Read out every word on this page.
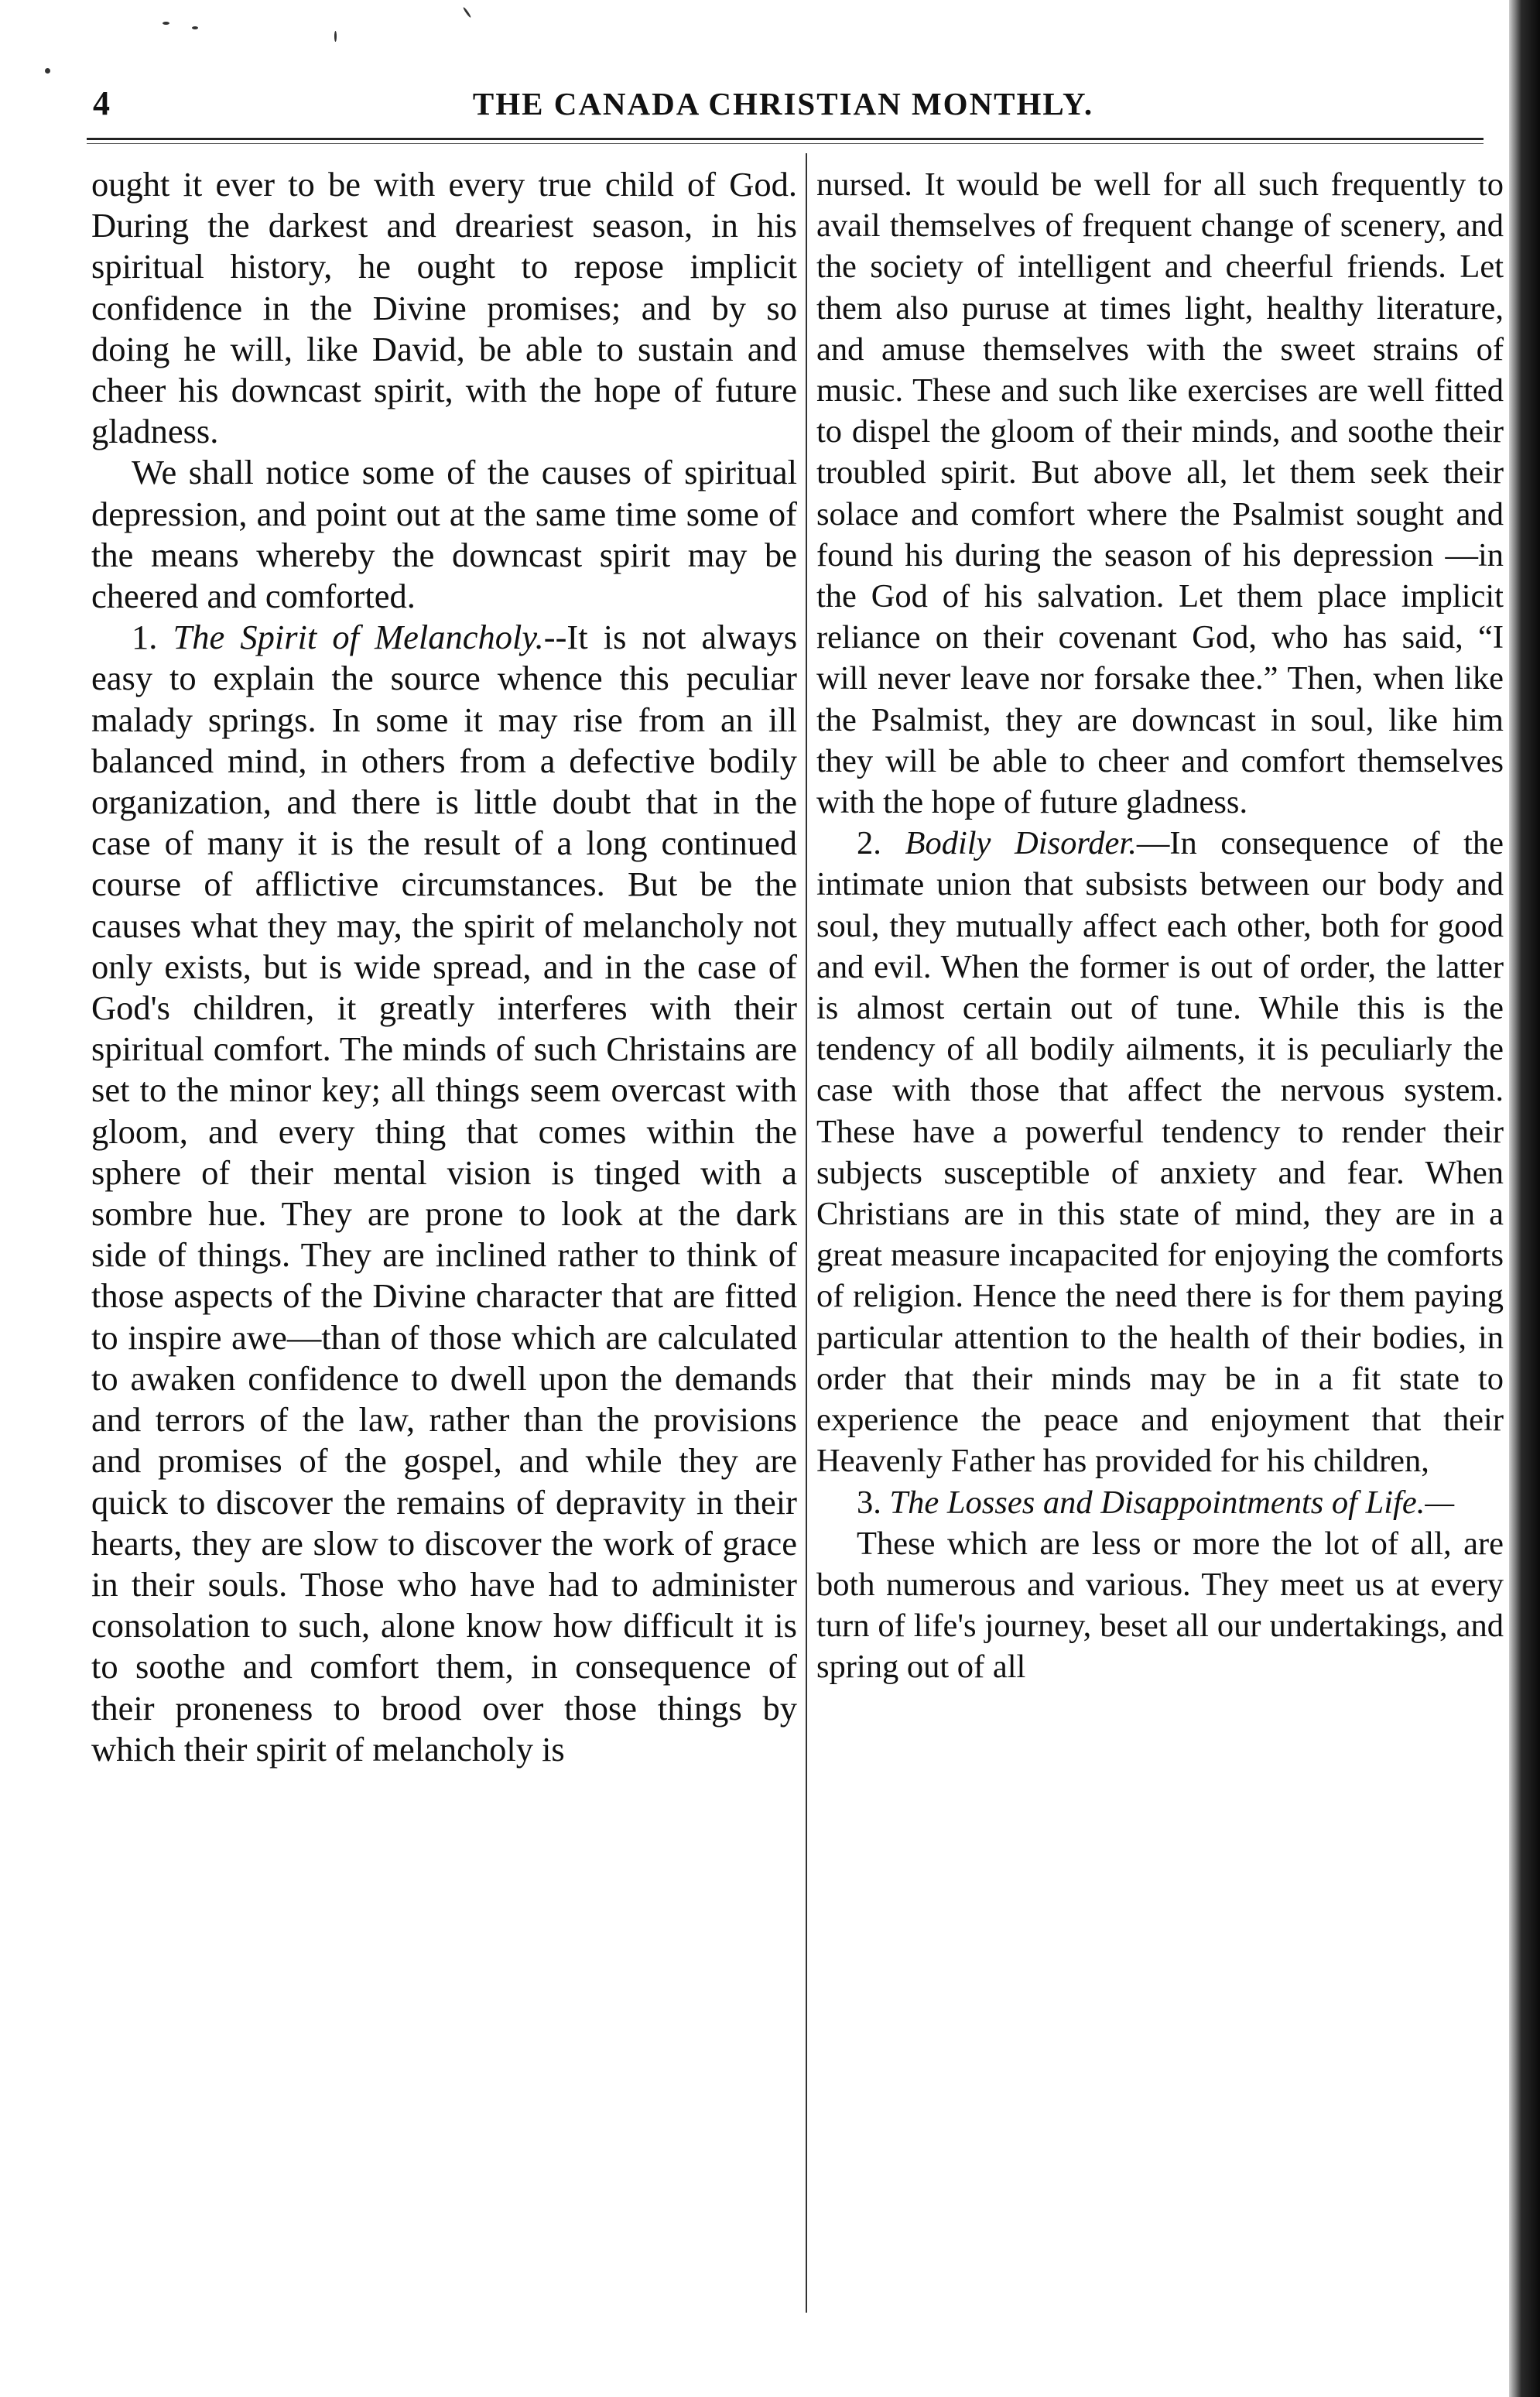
4	THE CANADA CHRISTIAN MONTHLY.

ought it ever to be with every true child of God. During the darkest and dreariest season, in his spiritual history, he ought to repose implicit confidence in the Divine promises; and by so doing he will, like David, be able to sustain and cheer his downcast spirit, with the hope of future gladness.

We shall notice some of the causes of spiritual depression, and point out at the same time some of the means whereby the downcast spirit may be cheered and comforted.

1. The Spirit of Melancholy.--It is not always easy to explain the source whence this peculiar malady springs. In some it may rise from an ill balanced mind, in others from a defective bodily organization, and there is little doubt that in the case of many it is the result of a long continued course of afflictive circumstances. But be the causes what they may, the spirit of melancholy not only exists, but is wide spread, and in the case of God's children, it greatly interferes with their spiritual comfort. The minds of such Christains are set to the minor key; all things seem overcast with gloom, and every thing that comes within the sphere of their mental vision is tinged with a sombre hue. They are prone to look at the dark side of things. They are inclined rather to think of those aspects of the Divine character that are fitted to inspire awe—than of those which are calculated to awaken confidence to dwell upon the demands and terrors of the law, rather than the provisions and promises of the gospel, and while they are quick to discover the remains of depravity in their hearts, they are slow to discover the work of grace in their souls. Those who have had to administer consolation to such, alone know how difficult it is to soothe and comfort them, in consequence of their proneness to brood over those things by which their spirit of melancholy is

nursed. It would be well for all such frequently to avail themselves of frequent change of scenery, and the society of intelligent and cheerful friends. Let them also puruse at times light, healthy literature, and amuse themselves with the sweet strains of music. These and such like exercises are well fitted to dispel the gloom of their minds, and soothe their troubled spirit. But above all, let them seek their solace and comfort where the Psalmist sought and found his during the season of his depression —in the God of his salvation. Let them place implicit reliance on their covenant God, who has said, “I will never leave nor forsake thee.” Then, when like the Psalmist, they are downcast in soul, like him they will be able to cheer and comfort themselves with the hope of future gladness.

2. Bodily Disorder.—In consequence of the intimate union that subsists between our body and soul, they mutually affect each other, both for good and evil. When the former is out of order, the latter is almost certain out of tune. While this is the tendency of all bodily ailments, it is peculiarly the case with those that affect the nervous system. These have a powerful tendency to render their subjects susceptible of anxiety and fear. When Christians are in this state of mind, they are in a great measure incapacited for enjoying the comforts of religion. Hence the need there is for them paying particular attention to the health of their bodies, in order that their minds may be in a fit state to experience the peace and enjoyment that their Heavenly Father has provided for his children,

3. The Losses and Disappointments of Life.—

These which are less or more the lot of all, are both numerous and various. They meet us at every turn of life's journey, beset all our undertakings, and spring out of all
